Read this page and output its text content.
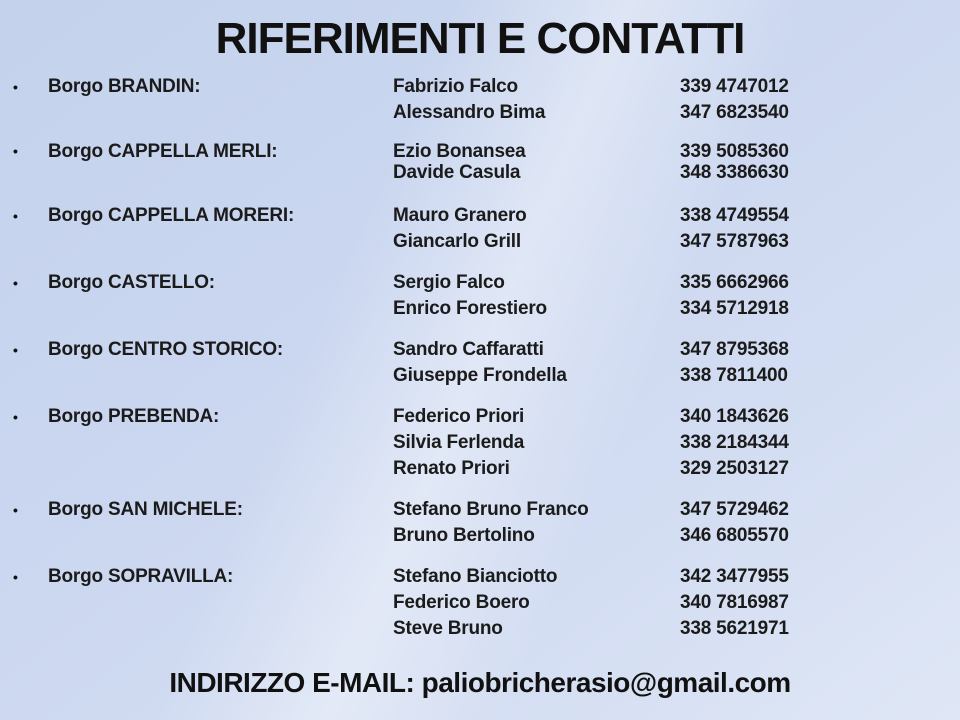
RIFERIMENTI E CONTATTI
•	Borgo BRANDIN:	Fabrizio Falco	339 4747012
Alessandro Bima	347 6823540
•	Borgo CAPPELLA MERLI:	Ezio Bonansea	339 5085360
Davide Casula	348 3386630
•	Borgo CAPPELLA MORERI:	Mauro Granero	338 4749554
Giancarlo Grill	347 5787963
•	Borgo CASTELLO:	Sergio Falco	335 6662966
Enrico Forestiero	334 5712918
•	Borgo CENTRO STORICO:	Sandro Caffaratti	347 8795368
Giuseppe Frondella	338 7811400
•	Borgo PREBENDA:	Federico Priori	340 1843626
Silvia Ferlenda	338 2184344
Renato Priori	329 2503127
•	Borgo SAN MICHELE:	Stefano Bruno Franco	347 5729462
Bruno Bertolino	346 6805570
•	Borgo SOPRAVILLA:	Stefano Bianciotto	342 3477955
Federico Boero	340 7816987
Steve Bruno	338 5621971
INDIRIZZO E-MAIL: paliobricherasio@gmail.com
